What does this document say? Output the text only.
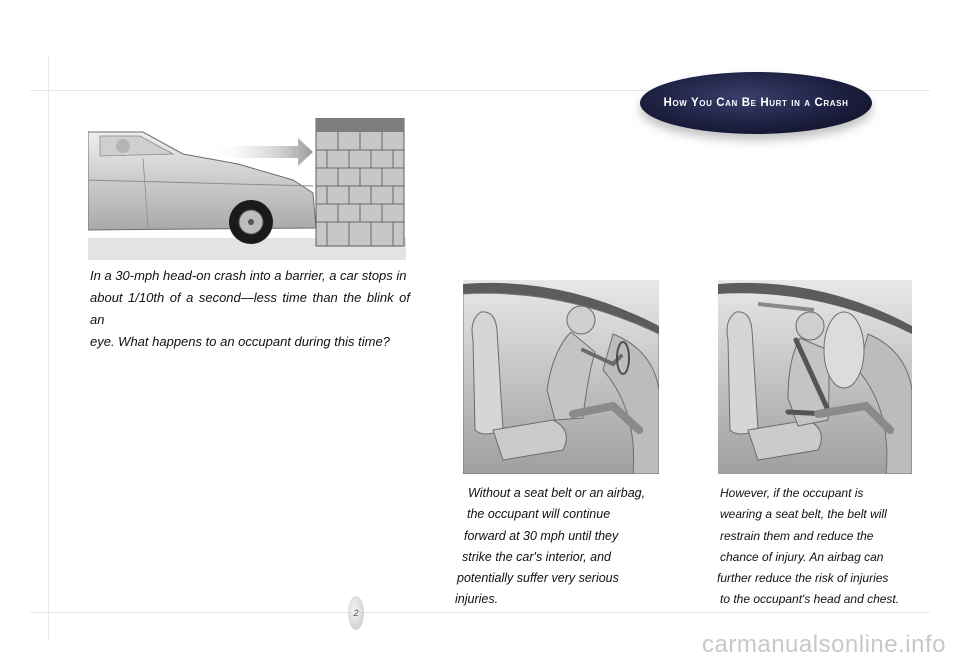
How You Can Be Hurt in a Crash
In a 30-mph head-on crash into a barrier, a car stops in
about 1/10th of a second—less time than the blink of an
eye. What happens to an occupant during this time?
Without a seat belt or an airbag,
the occupant will continue
forward at 30 mph until they
strike the car's interior, and
potentially suffer very serious
injuries.
However, if the occupant is
wearing a seat belt, the belt will
restrain them and reduce the
chance of injury. An airbag can
further reduce the risk of injuries
to the occupant's head and chest.
2
carmanualsonline.info
